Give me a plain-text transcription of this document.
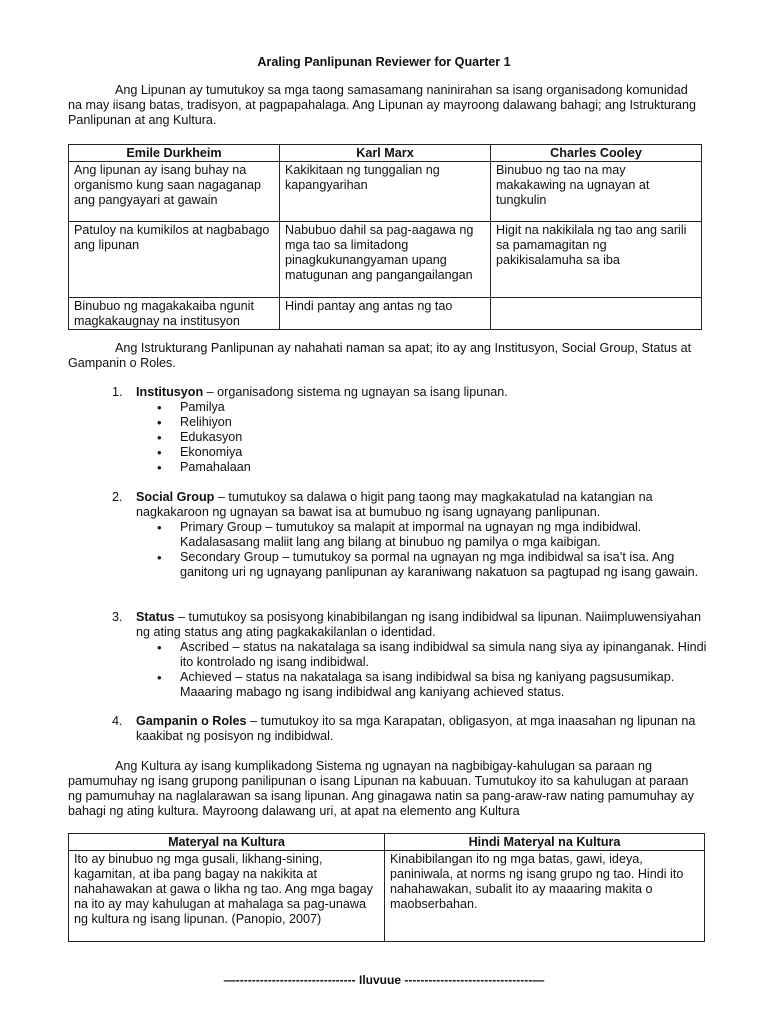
Araling Panlipunan Reviewer for Quarter 1

Ang Lipunan ay tumutukoy sa mga taong samasamang naninirahan sa isang organisadong komunidad na may iisang batas, tradisyon, at pagpapahalaga. Ang Lipunan ay mayroong dalawang bahagi; ang Istrukturang Panlipunan at ang Kultura.

Emile Durkheim	Karl Marx	Charles Cooley
Ang lipunan ay isang buhay na organismo kung saan nagaganap ang pangyayari at gawain	Kakikitaan ng tunggalian ng kapangyarihan	Binubuo ng tao na may makakawing na ugnayan at tungkulin
Patuloy na kumikilos at nagbabago ang lipunan	Nabubuo dahil sa pag-aagawa ng mga tao sa limitadong pinagkukunangyaman upang matugunan ang pangangailangan	Higit na nakikilala ng tao ang sarili sa pamamagitan ng pakikisalamuha sa iba
Binubuo ng magakakaiba ngunit magkakaugnay na institusyon	Hindi pantay ang antas ng tao	

Ang Istrukturang Panlipunan ay nahahati naman sa apat; ito ay ang Institusyon, Social Group, Status at Gampanin o Roles.

1. Institusyon – organisadong sistema ng ugnayan sa isang lipunan.
• Pamilya
• Relihiyon
• Edukasyon
• Ekonomiya
• Pamahalaan
2. Social Group – tumutukoy sa dalawa o higit pang taong may magkakatulad na katangian na nagkakaroon ng ugnayan sa bawat isa at bumubuo ng isang ugnayang panlipunan.
• Primary Group – tumutukoy sa malapit at impormal na ugnayan ng mga indibidwal. Kadalasasang maliit lang ang bilang at binubuo ng pamilya o mga kaibigan.
• Secondary Group – tumutukoy sa pormal na ugnayan ng mga indibidwal sa isa’t isa. Ang ganitong uri ng ugnayang panlipunan ay karaniwang nakatuon sa pagtupad ng isang gawain.
3. Status – tumutukoy sa posisyong kinabibilangan ng isang indibidwal sa lipunan. Naiimpluwensiyahan ng ating status ang ating pagkakakilanlan o identidad.
• Ascribed – status na nakatalaga sa isang indibidwal sa simula nang siya ay ipinanganak. Hindi ito kontrolado ng isang indibidwal.
• Achieved – status na nakatalaga sa isang indibidwal sa bisa ng kaniyang pagsusumikap. Maaaring mabago ng isang indibidwal ang kaniyang achieved status.
4. Gampanin o Roles – tumutukoy ito sa mga Karapatan, obligasyon, at mga inaasahan ng lipunan na kaakibat ng posisyon ng indibidwal.

Ang Kultura ay isang kumplikadong Sistema ng ugnayan na nagbibigay-kahulugan sa paraan ng pamumuhay ng isang grupong panilipunan o isang Lipunan na kabuuan. Tumutukoy ito sa kahulugan at paraan ng pamumuhay na naglalarawan sa isang lipunan. Ang ginagawa natin sa pang-araw-raw nating pamumuhay ay bahagi ng ating kultura. Mayroong dalawang uri, at apat na elemento ang Kultura

Materyal na Kultura	Hindi Materyal na Kultura
Ito ay binubuo ng mga gusali, likhang-sining, kagamitan, at iba pang bagay na nakikita at nahahawakan at gawa o likha ng tao. Ang mga bagay na ito ay may kahulugan at mahalaga sa pag-unawa ng kultura ng isang lipunan. (Panopio, 2007)	Kinabibilangan ito ng mga batas, gawi, ideya, paniniwala, at norms ng isang grupo ng tao. Hindi ito nahahawakan, subalit ito ay maaaring makita o maobserbahan.
—------------------------------ Iluvuue --------------------------------—
